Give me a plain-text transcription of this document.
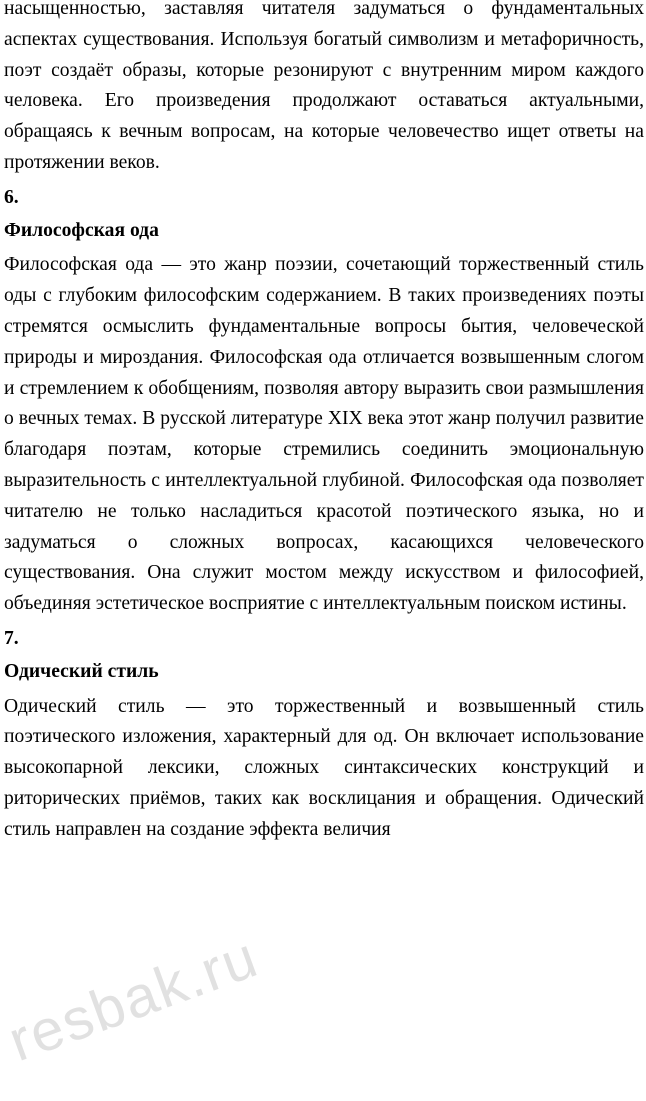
насыщенностью, заставляя читателя задуматься о фундаментальных аспектах существования. Используя богатый символизм и метафоричность, поэт создаёт образы, которые резонируют с внутренним миром каждого человека. Его произведения продолжают оставаться актуальными, обращаясь к вечным вопросам, на которые человечество ищет ответы на протяжении веков.

6.
Философская ода

Философская ода — это жанр поэзии, сочетающий торжественный стиль оды с глубоким философским содержанием. В таких произведениях поэты стремятся осмыслить фундаментальные вопросы бытия, человеческой природы и мироздания. Философская ода отличается возвышенным слогом и стремлением к обобщениям, позволяя автору выразить свои размышления о вечных темах. В русской литературе XIX века этот жанр получил развитие благодаря поэтам, которые стремились соединить эмоциональную выразительность с интеллектуальной глубиной. Философская ода позволяет читателю не только насладиться красотой поэтического языка, но и задуматься о сложных вопросах, касающихся человеческого существования. Она служит мостом между искусством и философией, объединяя эстетическое восприятие с интеллектуальным поиском истины.

7.
Одический стиль

Одический стиль — это торжественный и возвышенный стиль поэтического изложения, характерный для од. Он включает использование высокопарной лексики, сложных синтаксических конструкций и риторических приёмов, таких как восклицания и обращения. Одический стиль направлен на создание эффекта величия

resbak.ru
